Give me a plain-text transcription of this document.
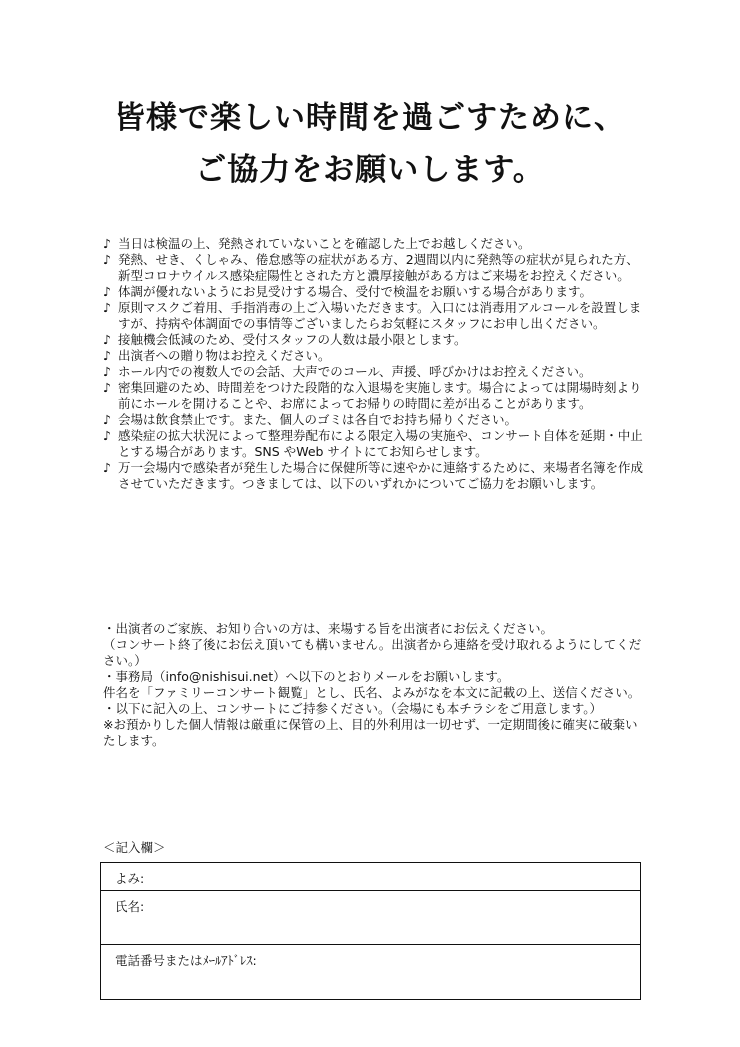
皆様で楽しい時間を過ごすために、
ご協力をお願いします。
♪ 当日は検温の上、発熱されていないことを確認した上でお越しください。
♪ 発熱、せき、くしゃみ、倦怠感等の症状がある方、2週間以内に発熱等の症状が見られた方、新型コロナウイルス感染症陽性とされた方と濃厚接触がある方はご来場をお控えください。
♪ 体調が優れないようにお見受けする場合、受付で検温をお願いする場合があります。
♪ 原則マスクご着用、手指消毒の上ご入場いただきます。入口には消毒用アルコールを設置しますが、持病や体調面での事情等ございましたらお気軽にスタッフにお申し出ください。
♪ 接触機会低減のため、受付スタッフの人数は最小限とします。
♪ 出演者への贈り物はお控えください。
♪ ホール内での複数人での会話、大声でのコール、声援、呼びかけはお控えください。
♪ 密集回避のため、時間差をつけた段階的な入退場を実施します。場合によっては開場時刻より前にホールを開けることや、お席によってお帰りの時間に差が出ることがあります。
♪ 会場は飲食禁止です。また、個人のゴミは各自でお持ち帰りください。
♪ 感染症の拡大状況によって整理券配布による限定入場の実施や、コンサート自体を延期・中止とする場合があります。SNS やWeb サイトにてお知らせします。
♪ 万一会場内で感染者が発生した場合に保健所等に速やかに連絡するために、来場者名簿を作成させていただきます。つきましては、以下のいずれかについてご協力をお願いします。

・出演者のご家族、お知り合いの方は、来場する旨を出演者にお伝えください。

（コンサート終了後にお伝え頂いても構いません。出演者から連絡を受け取れるようにしてください。）

・事務局（info@nishisui.net）へ以下のとおりメールをお願いします。

件名を「ファミリーコンサート観覧」とし、氏名、よみがなを本文に記載の上、送信ください。

・以下に記入の上、コンサートにご持参ください。（会場にも本チラシをご用意します。）

※お預かりした個人情報は厳重に保管の上、目的外利用は一切せず、一定期間後に確実に破棄いたします。

＜記入欄＞
よみ:
氏名:
電話番号またはﾒｰﾙｱﾄﾞﾚｽ:
